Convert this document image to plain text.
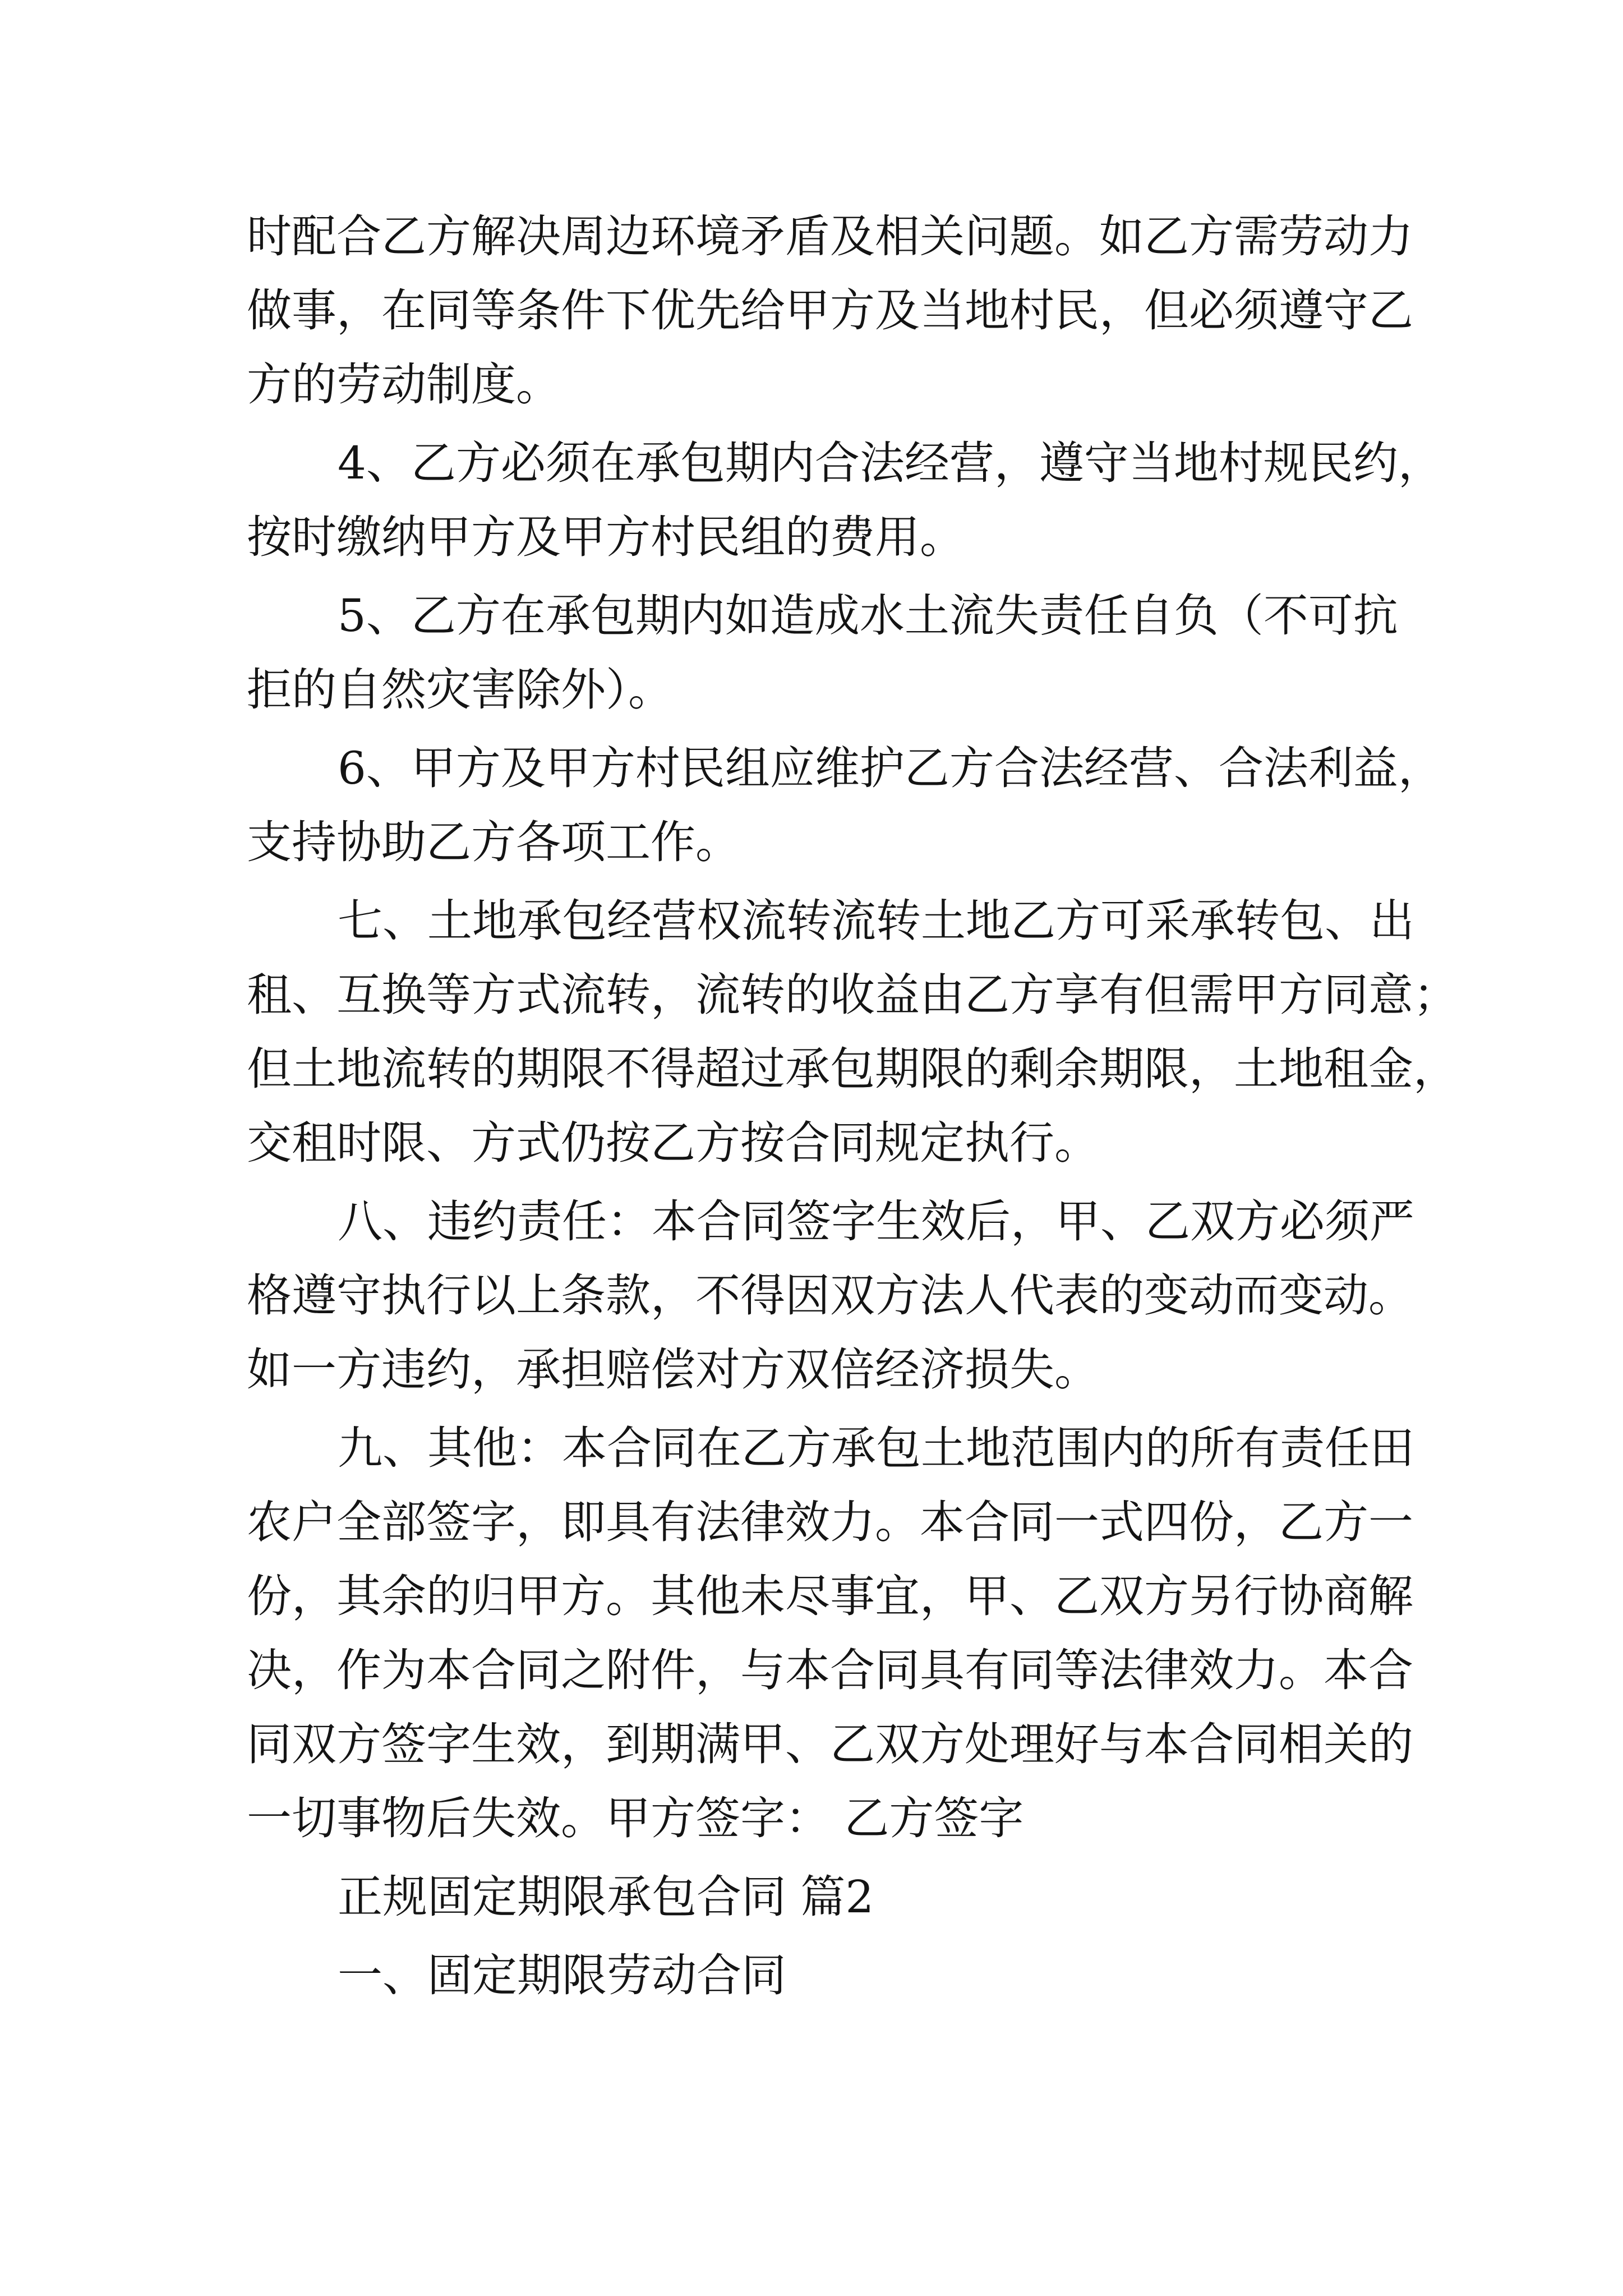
时配合乙方解决周边环境矛盾及相关问题。如乙方需劳动力
做事，在同等条件下优先给甲方及当地村民，但必须遵守乙
方的劳动制度。
4、乙方必须在承包期内合法经营，遵守当地村规民约，
按时缴纳甲方及甲方村民组的费用。
5、乙方在承包期内如造成水土流失责任自负（不可抗
拒的自然灾害除外）。
6、甲方及甲方村民组应维护乙方合法经营、合法利益，
支持协助乙方各项工作。
七、土地承包经营权流转流转土地乙方可采承转包、出
租、互换等方式流转，流转的收益由乙方享有但需甲方同意；
但土地流转的期限不得超过承包期限的剩余期限，土地租金，
交租时限、方式仍按乙方按合同规定执行。
八、违约责任：本合同签字生效后，甲、乙双方必须严
格遵守执行以上条款，不得因双方法人代表的变动而变动。
如一方违约，承担赔偿对方双倍经济损失。
九、其他：本合同在乙方承包土地范围内的所有责任田
农户全部签字，即具有法律效力。本合同一式四份，乙方一
份，其余的归甲方。其他未尽事宜，甲、乙双方另行协商解
决，作为本合同之附件，与本合同具有同等法律效力。本合
同双方签字生效，到期满甲、乙双方处理好与本合同相关的
一切事物后失效。甲方签字： 乙方签字
正规固定期限承包合同 篇2
一、固定期限劳动合同
